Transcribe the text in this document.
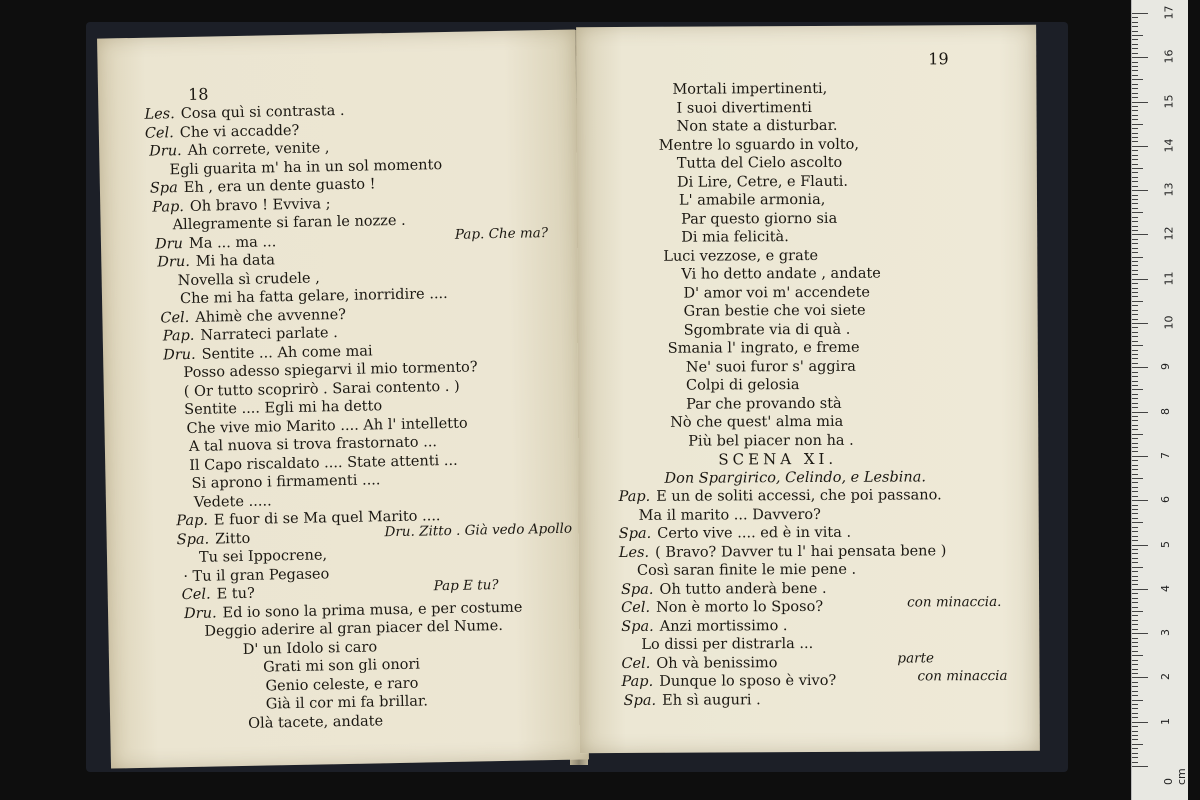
18
Les. Cosa quì si contrasta .
Cel. Che vi accadde?
Dru. Ah correte, venite ,
Egli guarita m' ha in un sol momento
Spa Eh , era un dente guasto !
Pap. Oh bravo ! Evviva ;
Allegramente si faran le nozze .
Dru Ma ... ma ...
Pap. Che ma?
Dru. Mi ha data
Novella sì crudele ,
Che mi ha fatta gelare, inorridire ....
Cel. Ahimè che avvenne?
Pap. Narrateci parlate .
Dru. Sentite ... Ah come mai
Posso adesso spiegarvi il mio tormento?
( Or tutto scoprirò . Sarai contento . )
Sentite .... Egli mi ha detto
Che vive mio Marito .... Ah l' intelletto
A tal nuova si trova frastornato ...
Il Capo riscaldato .... State attenti ...
Si aprono i firmamenti ....
Vedete .....
Pap. E fuor di se Ma quel Marito ....
Spa. Zitto	Dru. Zitto . Già vedo Apollo
Tu sei Ippocrene,
· Tu il gran Pegaseo
Cel. E tu?	Pap E tu?
Dru. Ed io sono la prima musa, e per costume
Deggio aderire al gran piacer del Nume.
D' un Idolo si caro
Grati mi son gli onori
Genio celeste, e raro
Già il cor mi fa brillar.
Olà tacete, andate
19
Mortali impertinenti,
I suoi divertimenti
Non state a disturbar.
Mentre lo sguardo in volto,
Tutta del Cielo ascolto
Di Lire, Cetre, e Flauti.
L' amabile armonia,
Par questo giorno sia
Di mia felicità.
Luci vezzose, e grate
Vi ho detto andate , andate
D' amor voi m' accendete
Gran bestie che voi siete
Sgombrate via di quà .
Smania l' ingrato, e freme
Ne' suoi furor s' aggira
Colpi di gelosia
Par che provando stà
Nò che quest' alma mia
Più bel piacer non ha .
SCENA XI.
Don Spargirico, Celindo, e Lesbina.
Pap. E un de soliti accessi, che poi passano.
Ma il marito ... Davvero?
Spa. Certo vive .... ed è in vita .
Les. ( Bravo? Davver tu l' hai pensata bene )
Così saran finite le mie pene .
Spa. Oh tutto anderà bene .
Cel. Non è morto lo Sposo?	con minaccia.
Spa. Anzi mortissimo .
Lo dissi per distrarla ...
Cel. Oh và benissimo	parte
Pap. Dunque lo sposo è vivo?	con minaccia
Spa. Eh sì auguri .
0 cm
1
2
3
4
5
6
7
8
9
10
11
12
13
14
15
16
17
